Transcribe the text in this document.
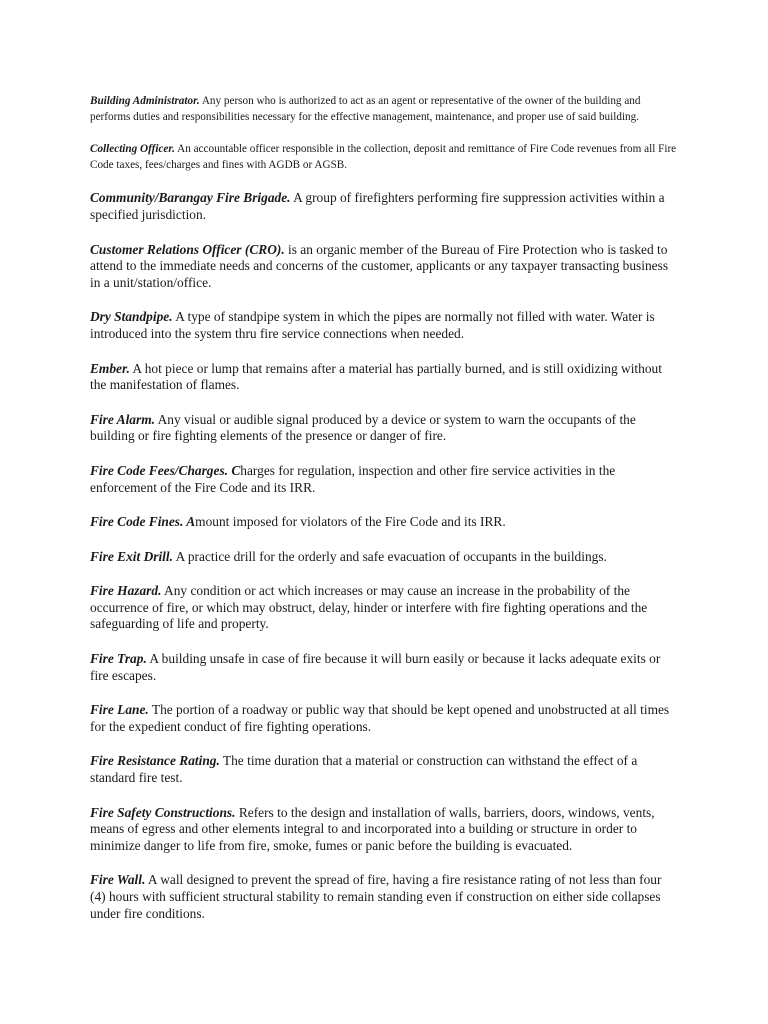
Building Administrator. Any person who is authorized to act as an agent or representative of the owner of the building and performs duties and responsibilities necessary for the effective management, maintenance, and proper use of said building.

Collecting Officer. An accountable officer responsible in the collection, deposit and remittance of Fire Code revenues from all Fire Code taxes, fees/charges and fines with AGDB or AGSB.

Community/Barangay Fire Brigade. A group of firefighters performing fire suppression activities within a specified jurisdiction.

Customer Relations Officer (CRO). is an organic member of the Bureau of Fire Protection who is tasked to attend to the immediate needs and concerns of the customer, applicants or any taxpayer transacting business in a unit/station/office.

Dry Standpipe. A type of standpipe system in which the pipes are normally not filled with water. Water is introduced into the system thru fire service connections when needed.

Ember. A hot piece or lump that remains after a material has partially burned, and is still oxidizing without the manifestation of flames.

Fire Alarm. Any visual or audible signal produced by a device or system to warn the occupants of the building or fire fighting elements of the presence or danger of fire.

Fire Code Fees/Charges. Charges for regulation, inspection and other fire service activities in the enforcement of the Fire Code and its IRR.

Fire Code Fines. Amount imposed for violators of the Fire Code and its IRR.

Fire Exit Drill. A practice drill for the orderly and safe evacuation of occupants in the buildings.

Fire Hazard. Any condition or act which increases or may cause an increase in the probability of the occurrence of fire, or which may obstruct, delay, hinder or interfere with fire fighting operations and the safeguarding of life and property.

Fire Trap. A building unsafe in case of fire because it will burn easily or because it lacks adequate exits or fire escapes.

Fire Lane. The portion of a roadway or public way that should be kept opened and unobstructed at all times for the expedient conduct of fire fighting operations.

Fire Resistance Rating. The time duration that a material or construction can withstand the effect of a standard fire test.

Fire Safety Constructions. Refers to the design and installation of walls, barriers, doors, windows, vents, means of egress and other elements integral to and incorporated into a building or structure in order to minimize danger to life from fire, smoke, fumes or panic before the building is evacuated.

Fire Wall. A wall designed to prevent the spread of fire, having a fire resistance rating of not less than four (4) hours with sufficient structural stability to remain standing even if construction on either side collapses under fire conditions.
